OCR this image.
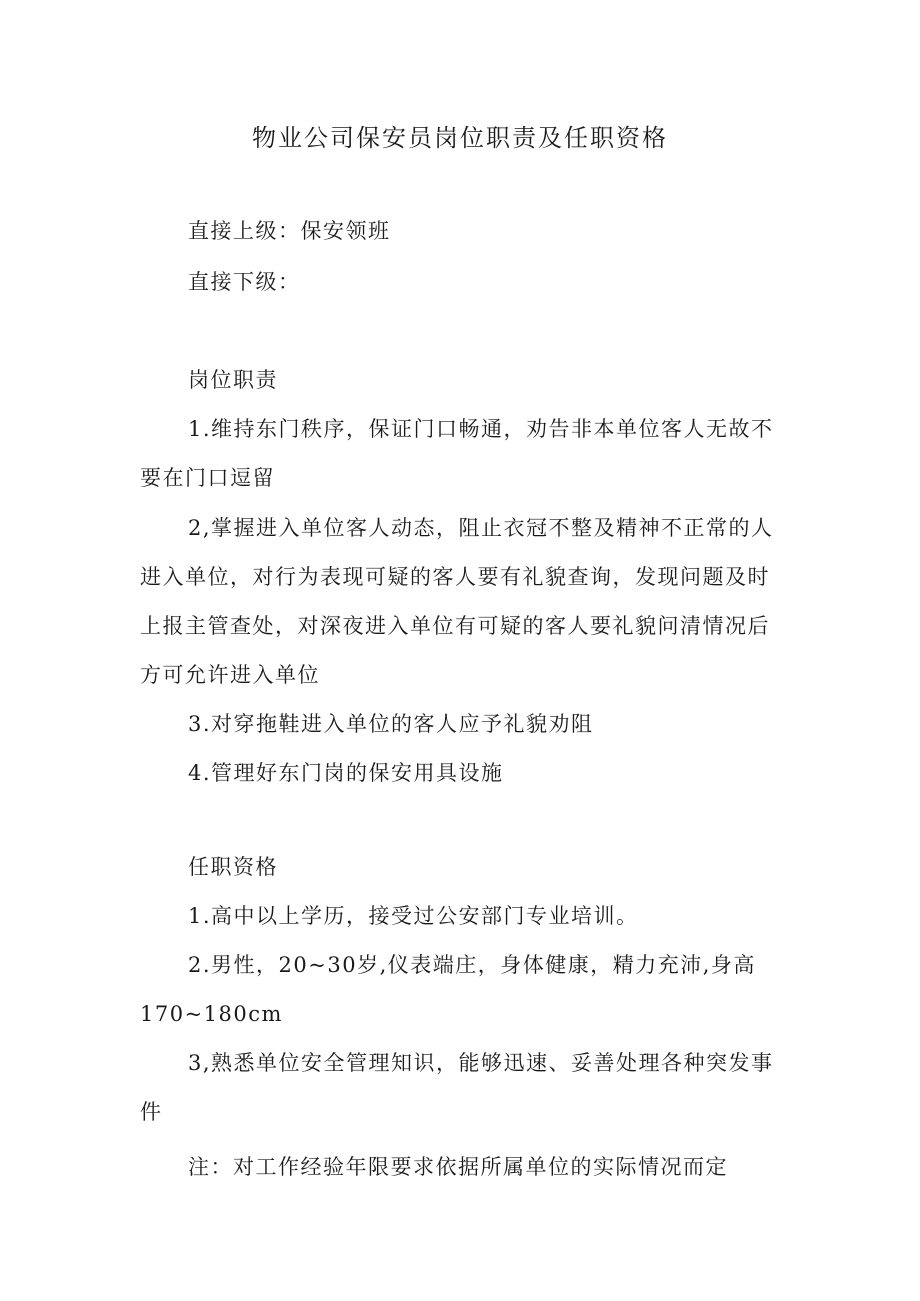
物业公司保安员岗位职责及任职资格
直接上级：保安领班
直接下级：
岗位职责
1.维持东门秩序，保证门口畅通，劝告非本单位客人无故不
要在门口逗留
2,掌握进入单位客人动态，阻止衣冠不整及精神不正常的人
进入单位，对行为表现可疑的客人要有礼貌查询，发现问题及时
上报主管查处，对深夜进入单位有可疑的客人要礼貌问清情况后
方可允许进入单位
3.对穿拖鞋进入单位的客人应予礼貌劝阻
4.管理好东门岗的保安用具设施
任职资格
1.高中以上学历，接受过公安部门专业培训。
2.男性，20~30岁,仪表端庄，身体健康，精力充沛,身高
170~180cm
3,熟悉单位安全管理知识，能够迅速、妥善处理各种突发事
件
注：对工作经验年限要求依据所属单位的实际情况而定
